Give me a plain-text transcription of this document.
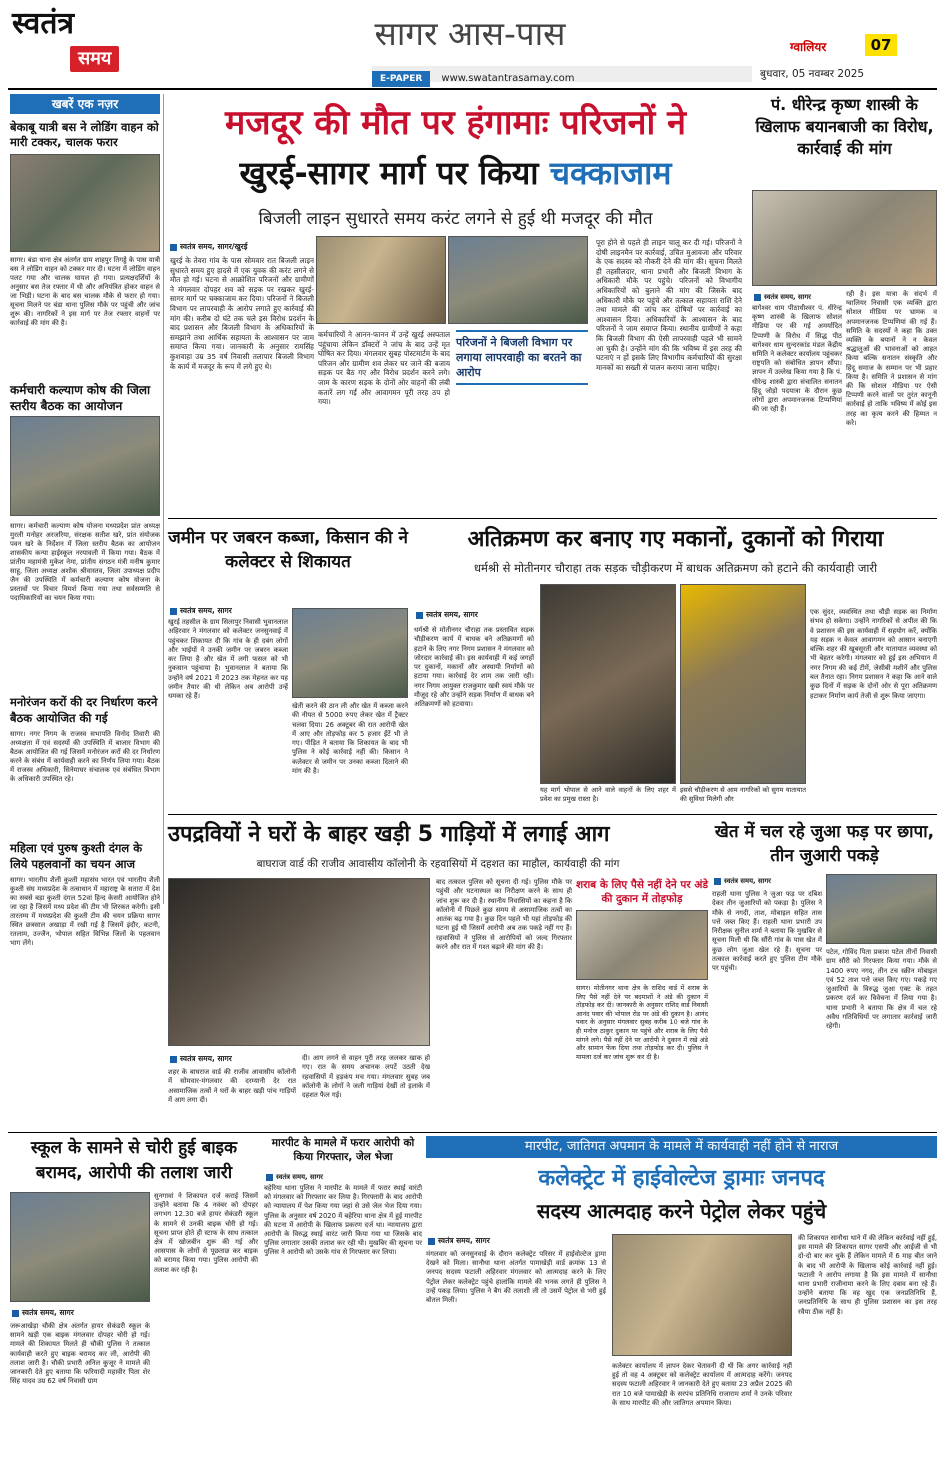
स्वतंत्र
समय
सागर आस-पास
E-PAPER www.swatantrasamay.com
ग्वालियर	07
बुधवार, 05 नवम्बर 2025
खबरें एक नज़र
बेकाबू यात्री बस ने लोडिंग वाहन को मारी टक्कर, चालक फरार
सागर। बंडा थाना क्षेत्र अंतर्गत ग्राम शाहपुर तिगड्डे के पास यात्री बस ने लोडिंग वाहन को टक्कर मार दी। घटना में लोडिंग वाहन पलट गया और चालक घायल हो गया। प्रत्यक्षदर्शियों के अनुसार बस तेज रफ्तार में थी और अनियंत्रित होकर वाहन से जा भिड़ी। घटना के बाद बस चालक मौके से फरार हो गया। सूचना मिलने पर बंडा थाना पुलिस मौके पर पहुंची और जांच शुरू की। नागरिकों ने इस मार्ग पर तेज रफ्तार वाहनों पर कार्रवाई की मांग की है।
कर्मचारी कल्याण कोष की जिला स्तरीय बैठक का आयोजन
सागर। कर्मचारी कल्याण कोष योजना मध्यप्रदेश प्रांत अध्यक्ष मुरली मनोहर अरजरिया, संरक्षक सतीश खरे, प्रांत संयोजक पवन खरे के निर्देशन में जिला स्तरीय बैठक का आयोजन शासकीय कन्या हाईस्कूल नरयावली में किया गया। बैठक में प्रांतीय महामंत्री मुकेश नेमा, प्रांतीय संगठन मंत्री मनीष कुमार साहू, जिला अध्यक्ष अशोक श्रीवास्तव, जिला उपाध्यक्ष प्रदीप जैन की उपस्थिति में कर्मचारी कल्याण कोष योजना के प्रस्तावों पर विचार विमर्श किया गया तथा सर्वसम्मति से पदाधिकारियों का चयन किया गया।
मनोरंजन करों की दर निर्धारण करने बैठक आयोजित की गई
सागर। नगर निगम के राजस्व सभापति विनोद तिवारी की अध्यक्षता में एवं सदस्यों की उपस्थिति में बाजार विभाग की बैठक आयोजित की गई जिसमें मनोरंजन करों की दर निर्धारण करने के संबंध में कार्यवाही करने का निर्णय लिया गया। बैठक में राजस्व अधिकारी, सिनेमाघर संचालक एवं संबंधित विभाग के अधिकारी उपस्थित रहे।
महिला एवं पुरुष कुश्ती दंगल के लिये पहलवानों का चयन आज
सागर। भारतीय शैली कुश्ती महासंघ भारत एवं भारतीय शैली कुश्ती संघ मध्यप्रदेश के तत्वाधान में महाराष्ट्र के सतारा में देश का सबसे बड़ा कुश्ती दंगल 52वां हिन्द केसरी आयोजित होने जा रहा है जिसमें मध्य प्रदेश की टीम भी शिरकत करेगी। इसी तारतम्य में मध्यप्रदेश की कुश्ती टीम की चयन प्रक्रिया सागर स्थित छत्रसाल अखाड़ा में रखी गई है जिसमें इंदौर, कटनी, रतलाम, उज्जैन, भोपाल सहित विभिन्न जिलों के पहलवान भाग लेंगे।
मजदूर की मौत पर हंगामाः परिजनों ने
खुरई-सागर मार्ग पर किया चक्काजाम
बिजली लाइन सुधारते समय करंट लगने से हुई थी मजदूर की मौत
स्वतंत्र समय, सागर/खुरई
खुरई के तेवरा गांव के पास सोमवार रात बिजली लाइन सुधारते समय हुए हादसे में एक युवक की करंट लगने से मौत हो गई। घटना से आक्रोशित परिजनों और ग्रामीणों ने मंगलवार दोपहर शव को सड़क पर रखकर खुरई-सागर मार्ग पर चक्काजाम कर दिया। परिजनों ने बिजली विभाग पर लापरवाही के आरोप लगाते हुए कार्रवाई की मांग की। करीब दो घंटे तक चले इस विरोध प्रदर्शन के बाद प्रशासन और बिजली विभाग के अधिकारियों के समझाने तथा आर्थिक सहायता के आश्वासन पर जाम समाप्त किया गया। जानकारी के अनुसार रामसिंह कुशवाहा उम्र 35 वर्ष निवासी तलापार बिजली विभाग के कार्य में मजदूर के रूप में लगे हुए थे।
कर्मचारियों ने आनन-फानन में उन्हें खुरई अस्पताल पहुंचाया लेकिन डॉक्टरों ने जांच के बाद उन्हें मृत घोषित कर दिया। मंगलवार सुबह पोस्टमार्टम के बाद परिजन और ग्रामीण शव लेकर घर जाने की बजाय सड़क पर बैठ गए और विरोध प्रदर्शन करने लगे। जाम के कारण सड़क के दोनों ओर वाहनों की लंबी कतारें लग गईं और आवागमन पूरी तरह ठप हो गया।
परिजनों ने बिजली विभाग पर लगाया लापरवाही का बरतने का आरोप
पूरा होने से पहले ही लाइन चालू कर दी गई। परिजनों ने दोषी लाइनमैन पर कार्रवाई, उचित मुआवजा और परिवार के एक सदस्य को नौकरी देने की मांग की। सूचना मिलते ही तहसीलदार, थाना प्रभारी और बिजली विभाग के अधिकारी मौके पर पहुंचे। परिजनों को विभागीय अधिकारियों को बुलाने की मांग की जिसके बाद अधिकारी मौके पर पहुंचे और तत्काल सहायता राशि देने तथा मामले की जांच कर दोषियों पर कार्रवाई का आश्वासन दिया। अधिकारियों के आश्वासन के बाद परिजनों ने जाम समाप्त किया। स्थानीय ग्रामीणों ने कहा कि बिजली विभाग की ऐसी लापरवाही पहले भी सामने आ चुकी है। उन्होंने मांग की कि भविष्य में इस तरह की घटनाएं न हों इसके लिए विभागीय कर्मचारियों की सुरक्षा मानकों का सख्ती से पालन कराया जाना चाहिए।
पं. धीरेन्द्र कृष्ण शास्त्री के खिलाफ बयानबाजी का विरोध, कार्रवाई की मांग
स्वतंत्र समय, सागर
बागेश्वर धाम पीठाधीश्वर पं. धीरेन्द्र कृष्ण शास्त्री के खिलाफ सोशल मीडिया पर की गई अमर्यादित टिप्पणी के विरोध में सिद्ध पीठ बागेश्वर धाम सुन्दरकांड मंडल केंद्रीय समिति ने कलेक्टर कार्यालय पहुंचकर राष्ट्रपति को संबोधित ज्ञापन सौंपा। ज्ञापन में उल्लेख किया गया है कि पं. धीरेन्द्र शास्त्री द्वारा संचालित सनातन हिंदू जोड़ो पदयात्रा के दौरान कुछ लोगों द्वारा अपमानजनक टिप्पणियां की जा रही हैं।
रही है। इस यात्रा के संदर्भ में ग्वालियर निवासी एक व्यक्ति द्वारा सोशल मीडिया पर भ्रामक व अपमानजनक टिप्पणियां की गई हैं। समिति के सदस्यों ने कहा कि उक्त व्यक्ति के बयानों ने न केवल श्रद्धालुओं की भावनाओं को आहत किया बल्कि सनातन संस्कृति और हिंदू समाज के सम्मान पर भी प्रहार किया है। समिति ने प्रशासन से मांग की कि सोशल मीडिया पर ऐसी टिप्पणी करने वालों पर तुरंत कानूनी कार्रवाई हो ताकि भविष्य में कोई इस तरह का कृत्य करने की हिम्मत न करे।
जमीन पर जबरन कब्जा, किसान की ने कलेक्टर से शिकायत
स्वतंत्र समय, सागर
खुरई तहसील के ग्राम सिलापुर निवासी भुवानलाल अहिरवार ने मंगलवार को कलेक्टर जनसुनवाई में पहुंचकर शिकायत दी कि गांव के ही दबंग लोगों और भाईयों ने उनकी जमीन पर जबरन कब्जा कर लिया है और खेत में लगी फसल को भी नुकसान पहुंचाया है। भुवानलाल ने बताया कि उन्होंने वर्ष 2021 में 2023 तक मेहनत कर यह जमीन तैयार की थी लेकिन अब आरोपी उन्हें धमका रहे हैं।
खेती करने की ठान ली और खेत में कब्जा करने की नीयत से 5000 रुपए लेकर खेत में ट्रैक्टर चलवा दिया। 26 अक्टूबर की रात आरोपी खेत में आए और तोड़फोड़ कर 5 हजार ईंटें भी ले गए। पीड़ित ने बताया कि शिकायत के बाद भी पुलिस ने कोई कार्रवाई नहीं की। किसान ने कलेक्टर से जमीन पर उनका कब्जा दिलाने की मांग की है।
अतिक्रमण कर बनाए गए मकानों, दुकानों को गिराया
धर्मश्री से मोतीनगर चौराहा तक सड़क चौड़ीकरण में बाधक अतिक्रमण को हटाने की कार्यवाही जारी
स्वतंत्र समय, सागर
धर्मश्री से मोतीनगर चौराहा तक प्रस्तावित सड़क चौड़ीकरण कार्य में बाधक बने अतिक्रमणों को हटाने के लिए नगर निगम प्रशासन ने मंगलवार को जोरदार कार्रवाई की। इस कार्यवाही में कई जगहों पर दुकानों, मकानों और अस्थायी निर्माणों को हटाया गया। कार्रवाई देर शाम तक जारी रही। नगर निगम आयुक्त राजकुमार खत्री स्वयं मौके पर मौजूद रहे और उन्होंने सड़क निर्माण में बाधक बने अतिक्रमणों को हटवाया।
यह मार्ग भोपाल से आने वाले वाहनों के लिए शहर में प्रवेश का प्रमुख रास्ता है।
इससे चौड़ीकरण से आम नागरिकों को सुगम यातायात की सुविधा मिलेगी और
एक सुंदर, व्यवस्थित तथा चौड़ी सड़क का निर्माण संभव हो सकेगा। उन्होंने नागरिकों से अपील की कि वे प्रशासन की इस कार्यवाही में सहयोग करें, क्योंकि यह सड़क न केवल आवागमन को आसान बनाएगी बल्कि शहर की खूबसूरती और यातायात व्यवस्था को भी बेहतर करेगी। मंगलवार को हुई इस अभियान में नगर निगम की कई टीमें, जेसीबी मशीनें और पुलिस बल तैनात रहा। निगम प्रशासन ने कहा कि आने वाले कुछ दिनों में सड़क के दोनों ओर से पूरा अतिक्रमण हटाकर निर्माण कार्य तेजी से शुरू किया जाएगा।
उपद्रवियों ने घरों के बाहर खड़ी 5 गाड़ियों में लगाई आग
बाघराज वार्ड की राजीव आवासीय कॉलोनी के रहवासियों में दहशत का माहौल, कार्यवाही की मांग
स्वतंत्र समय, सागर
शहर के बाघराज वार्ड की राजीव आवासीय कॉलोनी में सोमवार-मंगलवार की दरम्यानी देर रात असामाजिक तत्वों ने घरों के बाहर खड़ी पांच गाड़ियों में आग लगा दी।
दी। आग लगने से वाहन पूरी तरह जलकर खाक हो गए। रात के समय अचानक लपटें उठती देख रहवासियों में हड़कंप मच गया। मंगलवार सुबह जब कॉलोनी के लोगों ने जली गाड़ियां देखीं तो इलाके में दहशत फैल गई।
बाद तत्काल पुलिस को सूचना दी गई। पुलिस मौके पर पहुंची और घटनास्थल का निरीक्षण करने के साथ ही जांच शुरू कर दी है। स्थानीय निवासियों का कहना है कि कॉलोनी में पिछले कुछ समय से असामाजिक तत्वों का आतंक बढ़ गया है। कुछ दिन पहले भी यहां तोड़फोड़ की घटना हुई थी जिसमें आरोपी अब तक पकड़े नहीं गए हैं। रहवासियों ने पुलिस से आरोपियों को जल्द गिरफ्तार करने और रात में गश्त बढ़ाने की मांग की है।
शराब के लिए पैसे नहीं देने पर अंडे की दुकान में तोड़फोड़
सागर। मोतीनगर थाना क्षेत्र के राशिद वार्ड में शराब के लिए पैसे नहीं देने पर बदमाशों ने अंडे की दुकान में तोड़फोड़ कर दी। जानकारी के अनुसार राशिद वार्ड निवासी आनंद पवार की भोपाल रोड पर अंडे की दुकान है। आनंद पवार के अनुसार मंगलवार सुबह करीब 10 बजे गांव के ही मनोज ठाकुर दुकान पर पहुंचे और शराब के लिए पैसे मांगने लगे। पैसे नहीं देने पर आरोपी ने दुकान में रखे अंडे और सामान फेंक दिया तथा तोड़फोड़ कर दी। पुलिस ने मामला दर्ज कर जांच शुरू कर दी है।
खेत में चल रहे जुआ फड़ पर छापा, तीन जुआरी पकड़े
स्वतंत्र समय, सागर
राहली थाना पुलिस ने जुआ फड़ पर दबिश देकर तीन जुआरियों को पकड़ा है। पुलिस ने मौके से नगदी, ताश, मोबाइल सहित तास पत्ते जब्त किए हैं। राहली थाना प्रभारी उप निरीक्षक सुनील शर्मा ने बताया कि मुखबिर से सूचना मिली थी कि सौंरी गांव के पास खेत में कुछ लोग जुआ खेल रहे हैं। सूचना पर तत्काल कार्रवाई करते हुए पुलिस टीम मौके पर पहुंची।
पटेल, गोविंद पिता प्रकाश पटेल तीनों निवासी ग्राम सौंरी को गिरफ्तार किया गया। मौके से 1400 रुपए नगद, तीन टच स्क्रीन मोबाइल एवं 52 ताश पत्ते जब्त किए गए। पकड़े गए जुआरियों के विरुद्ध जुआ एक्ट के तहत प्रकरण दर्ज कर विवेचना में लिया गया है। थाना प्रभारी ने बताया कि क्षेत्र में चल रहे अवैध गतिविधियों पर लगातार कार्रवाई जारी रहेगी।
स्कूल के सामने से चोरी हुई बाइक बरामद, आरोपी की तलाश जारी
स्वतंत्र समय, सागर
जरूआखेड़ा चौकी क्षेत्र अंतर्गत हायर सेकंडरी स्कूल के सामने खड़ी एक बाइक मंगलवार दोपहर चोरी हो गई। मामले की शिकायत मिलते ही चौकी पुलिस ने तत्काल कार्यवाही करते हुए बाइक बरामद कर ली, आरोपी की तलाश जारी है। चौकी प्रभारी अनिल कुजूर ने मामले की जानकारी देते हुए बताया कि फरियादी महावीर पिता शेर सिंह यादव उम्र 62 वर्ष निवासी ग्राम
सुनगावां ने शिकायत दर्ज कराई जिसमें उन्होंने बताया कि 4 नवंबर को दोपहर लगभग 12.30 बजे हायर सेकंडरी स्कूल के सामने से उनकी बाइक चोरी हो गई। सूचना प्राप्त होते ही स्टाफ के साथ तत्काल क्षेत्र में खोजबीन शुरू की गई और आसपास के लोगों से पूछताछ कर बाइक को बरामद किया गया। पुलिस आरोपी की तलाश कर रही है।
मारपीट के मामले में फरार आरोपी को किया गिरफ्तार, जेल भेजा
स्वतंत्र समय, सागर
बहेरिया थाना पुलिस ने मारपीट के मामले में फरार स्थाई वारंटी को मंगलवार को गिरफ्तार कर लिया है। गिरफ्तारी के बाद आरोपी को न्यायालय में पेश किया गया जहां से उसे जेल भेज दिया गया। पुलिस के अनुसार वर्ष 2020 में बहेरिया थाना क्षेत्र में हुई मारपीट की घटना में आरोपी के खिलाफ प्रकरण दर्ज था। न्यायालय द्वारा आरोपी के विरुद्ध स्थाई वारंट जारी किया गया था जिसके बाद पुलिस लगातार उसकी तलाश कर रही थी। मुखबिर की सूचना पर पुलिस ने आरोपी को उसके गांव से गिरफ्तार कर लिया।
मारपीट, जातिगत अपमान के मामले में कार्यवाही नहीं होने से नाराज
कलेक्ट्रेट में हाईवोल्टेज ड्रामाः जनपद
सदस्य आत्मदाह करने पेट्रोल लेकर पहुंचे
स्वतंत्र समय, सागर
मंगलवार को जनसुनवाई के दौरान कलेक्ट्रेट परिसर में हाईवोल्टेज ड्रामा देखने को मिला। सानौधा थाना अंतर्गत पामाखेड़ी वार्ड क्रमांक 13 से जनपद सदस्य फटाली अहिरवार मंगलवार को आत्मदाह करने के लिए पेट्रोल लेकर कलेक्ट्रेट पहुंचे हालांकि मामले की भनक लगते ही पुलिस ने उन्हें पकड़ लिया। पुलिस ने बैग की तलाशी ली तो उसमें पेट्रोल से भरी हुई बोतल मिली।
कलेक्टर कार्यालय में ज्ञापन देकर चेतावनी दी थी कि अगर कार्रवाई नहीं हुई तो वह 4 अक्टूबर को कलेक्ट्रेट कार्यालय में आत्मदाह करेंगे। जनपद सदस्य फटाली अहिरवार ने जानकारी देते हुए बताया 23 अप्रैल 2025 की रात 10 बजे पामाखेड़ी के सरपंच प्रतिनिधि राजाराम शर्मा ने उनके परिवार के साथ मारपीट की और जातिगत अपमान किया।
की शिकायत सानौधा थाने में की लेकिन कार्रवाई नहीं हुई, इस मामले की शिकायत सागर एसपी और आईजी से भी दो-दो बार कर चुके हैं लेकिन मामले में 6 माह बीत जाने के बाद भी आरोपी के खिलाफ कोई कार्रवाई नहीं हुई। फटाली ने आरोप लगाया है कि इस मामले में सानौधा थाना प्रभारी राजीनामा करने के लिए दबाव बना रहे हैं। उन्होंने बताया कि वह खुद एक जनप्रतिनिधि हैं, जनप्रतिनिधि के साथ ही पुलिस प्रशासन का इस तरह रवैया ठीक नहीं है।
